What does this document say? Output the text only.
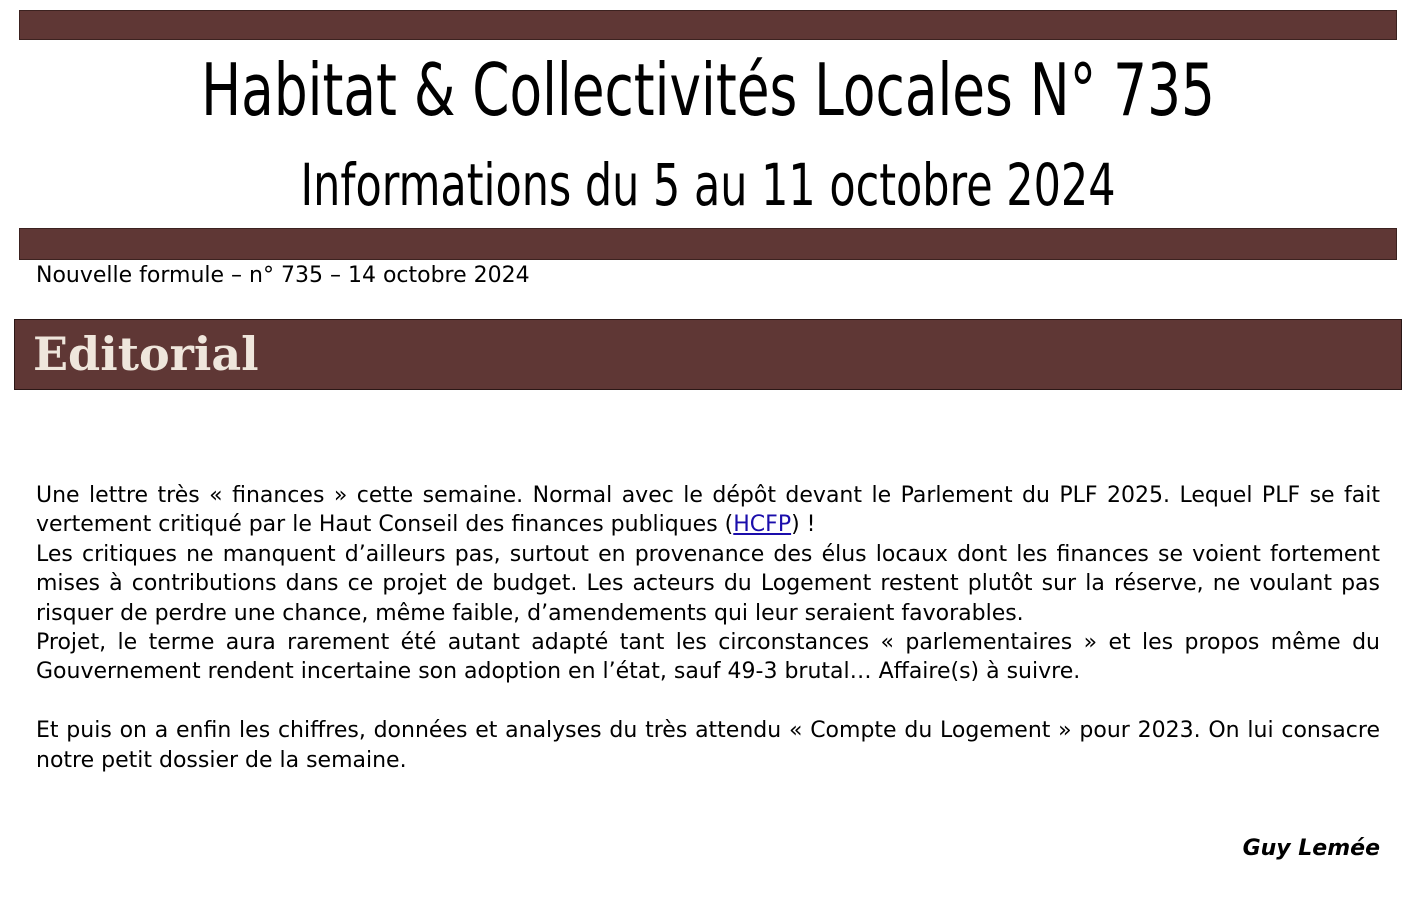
Habitat & Collectivités Locales N° 735
Informations du 5 au 11 octobre 2024
Nouvelle formule – n° 735 – 14 octobre 2024
Editorial

Une lettre très « finances » cette semaine. Normal avec le dépôt devant le Parlement du PLF 2025. Lequel PLF se fait vertement critiqué par le Haut Conseil des finances publiques (HCFP) !

Les critiques ne manquent d’ailleurs pas, surtout en provenance des élus locaux dont les finances se voient fortement mises à contributions dans ce projet de budget. Les acteurs du Logement restent plutôt sur la réserve, ne voulant pas risquer de perdre une chance, même faible, d’amendements qui leur seraient favorables.

Projet, le terme aura rarement été autant adapté tant les circonstances « parlementaires » et les propos même du Gouvernement rendent incertaine son adoption en l’état, sauf 49-3 brutal… Affaire(s) à suivre.

Et puis on a enfin les chiffres, données et analyses du très attendu « Compte du Logement » pour 2023. On lui consacre notre petit dossier de la semaine.

Guy Lemée
